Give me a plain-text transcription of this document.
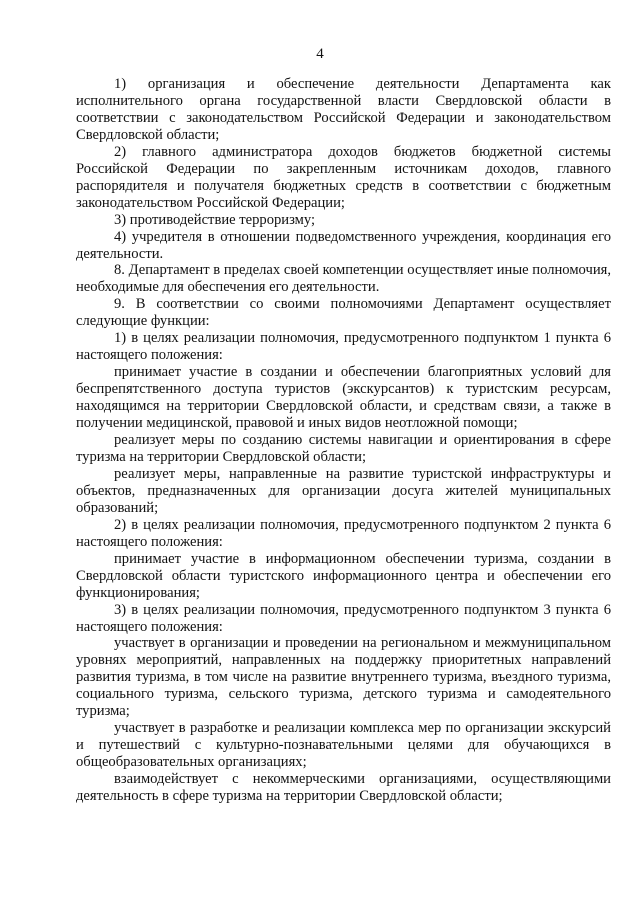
4

1) организация и обеспечение деятельности Департамента как исполнительного органа государственной власти Свердловской области в соответствии с законодательством Российской Федерации и законодательством Свердловской области;

2) главного администратора доходов бюджетов бюджетной системы Российской Федерации по закрепленным источникам доходов, главного распорядителя и получателя бюджетных средств в соответствии с бюджетным законодательством Российской Федерации;

3) противодействие терроризму;

4) учредителя в отношении подведомственного учреждения, координация его деятельности.

8. Департамент в пределах своей компетенции осуществляет иные полномочия, необходимые для обеспечения его деятельности.

9. В соответствии со своими полномочиями Департамент осуществляет следующие функции:

1) в целях реализации полномочия, предусмотренного подпунктом 1 пункта 6 настоящего положения:

принимает участие в создании и обеспечении благоприятных условий для беспрепятственного доступа туристов (экскурсантов) к туристским ресурсам, находящимся на территории Свердловской области, и средствам связи, а также в получении медицинской, правовой и иных видов неотложной помощи;

реализует меры по созданию системы навигации и ориентирования в сфере туризма на территории Свердловской области;

реализует меры, направленные на развитие туристской инфраструктуры и объектов, предназначенных для организации досуга жителей муниципальных образований;

2) в целях реализации полномочия, предусмотренного подпунктом 2 пункта 6 настоящего положения:

принимает участие в информационном обеспечении туризма, создании в Свердловской области туристского информационного центра и обеспечении его функционирования;

3) в целях реализации полномочия, предусмотренного подпунктом 3 пункта 6 настоящего положения:

участвует в организации и проведении на региональном и межмуниципальном уровнях мероприятий, направленных на поддержку приоритетных направлений развития туризма, в том числе на развитие внутреннего туризма, въездного туризма, социального туризма, сельского туризма, детского туризма и самодеятельного туризма;

участвует в разработке и реализации комплекса мер по организации экскурсий и путешествий с культурно-познавательными целями для обучающихся в общеобразовательных организациях;

взаимодействует с некоммерческими организациями, осуществляющими деятельность в сфере туризма на территории Свердловской области;
